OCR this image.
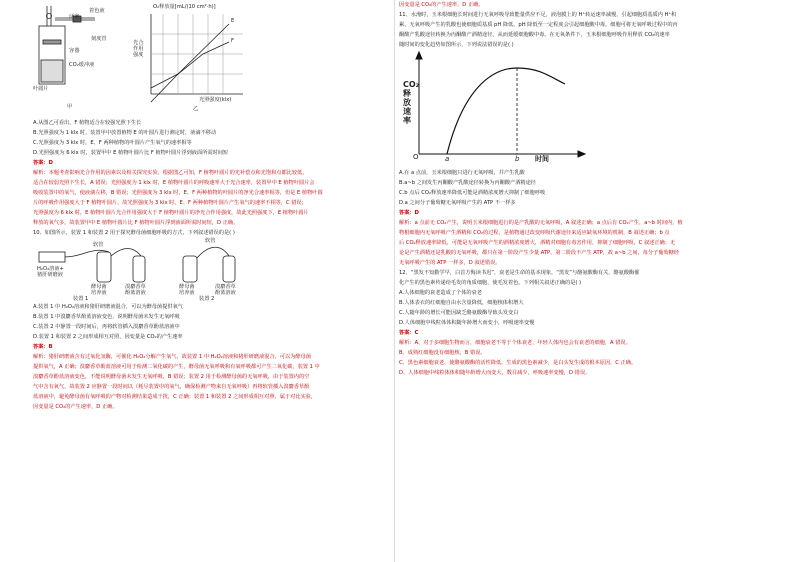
活塞
着色液
刻度管
容器
CO₂缓冲液
叶圆片
甲
O₂释放量[mL/(10 cm²·h)]
光合作用强度
光照强度(klx)
乙
E
F
A.从图乙可看出，F 植物适合在较强光照下生长
B.光照强度为 1 klx 时，装置甲中放置植物 E 的叶圆片进行测定时，液滴不移动
C.光照强度为 3 klx 时，E、F 两种植物的叶圆片产生氧气的速率相等
D.光照强度为 6 klx 时，装置甲中 E 植物叶圆片比 F 植物叶圆片浮到液面所需时间短
答案：D
解析：本题考查影响光合作用的因素以及相关探究实验。根据图乙可知，F 植物叶圆片的光补偿点和光饱和点都比较低，
适合在较弱光照下生长，A 错误；光照强度为 1 klx 时，E 植物叶圆片的呼吸速率大于光合速率，装置甲中 E 植物叶圆片会
吸收装置中的氧气，使液滴左移，B 错误；光照强度为 3 klx 时，E、F 两种植物的叶圆片的净光合速率相等，但是 E 植物叶圆
片的呼吸作用强度大于 F 植物叶圆片，故光照强度为 3 klx 时，E、F 两种植物叶圆片产生氧气的速率不相等，C 错误；
光照强度为 6 klx 时，E 植物叶圆片光合作用强度大于 F 植物叶圆片的净光合作用强度，故此光照强度下，E 植物叶圆片
释放的氧气多，故装置甲中 E 植物叶圆片比 F 植物叶圆片浮到液面所需时间短，D 正确。
10、如图所示，装置 1 和装置 2 用于探究酵母菌细胞呼吸的方式，下列叙述错误的是( )
软管
H₂O₂溶液+
猪肝研磨液
酵母菌
培养液
溴麝香草
酚蓝溶液
软管
酵母菌
培养液
溴麝香草
酚蓝溶液
装置 1	装置 2
A.装置 1 中 H₂O₂溶液和猪肝研磨液混合，可以为酵母菌提供氧气
B.装置 1 中溴麝香草酚蓝溶液变色，说明酵母菌未发生无氧呼吸
C.装置 2 中静置一段时间后，再将软管插入溴麝香草酚蓝溶液中
D.装置 1 和装置 2 之间形成相互对照，因变量是 CO₂的产生速率
答案：B
解析：猪肝研磨液含有过氧化氢酶，可催化 H₂O₂分解产生氧气，故装置 1 中 H₂O₂溶液和猪肝研磨液混合，可以为酵母菌
提供氧气，A 正确；溴麝香草酚蓝溶液可用于检测二氧化碳的产生，酵母菌无氧呼吸和有氧呼吸都可产生二氧化碳，装置 1 中
溴麝香草酚蓝溶液变色，不能说明酵母菌未发生无氧呼吸，B 错误；装置 2 用于检测酵母菌的无氧呼吸，由于装置内的空
气中含有氧气，故装置 2 应静置一段时间以（耗尽装置中的氧气，确保检测产物来自无氧呼吸）再将软管插入溴麝香草酚
蓝溶液中，避免酵母菌有氧呼吸的产物对检测结果造成干扰，C 正确；装置 1 和装置 2 之间形成相互对照，属于对比实验，
因变量是 CO₂的产生速率，D 正确。
因变量是 CO₂的产生速率，D 正确。
11、水淹时，玉米根细胞长时间进行无氧呼吸导致能量供应不足，液泡膜上的 H⁺转运速率减慢，引起细胞质基质内 H⁺积
累，无氧呼吸产生的乳酸也使细胞质基质 pH 降低。pH 降低至一定程度会引起细胞酸中毒。细胞可将无氧呼吸过程中的丙
酮酸产乳酸途径转换为丙酮酸产酒精途径，从而延缓细胞酸中毒。在无氧条件下，玉米根细胞呼吸作用释放 CO₂的速率
随时间的变化趋势如图所示，下列说法错误的是( )
CO₂释放速率
O	a	b 时间
A.在 a 点前，玉米根细胞只进行无氧呼吸，并产生乳酸
B.a~b 之间发生丙酮酸产乳酸途径转换为丙酮酸产酒精途径
C.b 点后 CO₂释放速率降低可能是酒精浓度增大抑制了细胞呼吸
D.a 之间分子葡萄糖无氧呼吸产生的 ATP 不一样多
答案：D
解析：a 点前无 CO₂产生，说明玉米根细胞进行的是产乳酸的无氧呼吸，A 叙述正确；a 点后有 CO₂产生，a~b 时间内，植
物根细胞内无氧呼吸产生酒精和 CO₂的过程，是植物通过改变呼吸代谢途径来适应缺氧环境的机制，B 叙述正确；b 点
后 CO₂释放速率降低，可能是无氧呼吸产生的酒精浓度增大，酒精对细胞有毒害作用，抑制了细胞呼吸，C 叙述正确；无
论是产生酒精还是乳酸的无氧呼吸，都只在第一阶段产生少量 ATP，第二阶段不产生 ATP，故 a~b 之间，每分子葡萄糖经
无氧呼吸产生的 ATP 一样多，D 叙述错误。
12、“黑发不知勤学早，白首方悔读书迟”，衰老是生命的基本现象。“黑发”与酪氨酸酶有关，酪氨酸酶催
化产生的黑色素传递给毛发的角质细胞，使毛发着色。下列相关叙述正确的是( )
A.人体细胞的衰老造成了个体的衰老
B.人体表衣的红细胞自由水含量降低，细胞核体积增大
C.人随年龄的增长可能因缺乏酪氨酸酶导致头发变白
D.人体细胞中线粒体体积随年龄增大而变小，呼吸速率变慢
答案：C
解析：A、对于多细胞生物而言，细胞衰老不等于个体衰老，年轻人体内也会有衰老的细胞，A 错误。
B、成熟红细胞没有细胞核，B 错误。
C、黑色素细胞衰老，使酪氨酸酶的活性降低，生成的黑色素减少，是白头发生成的根本原因，C 正确。
D、人体细胞中线粒体体积随年龄增大而变大，数目减少，呼吸速率变慢，D 错误。
